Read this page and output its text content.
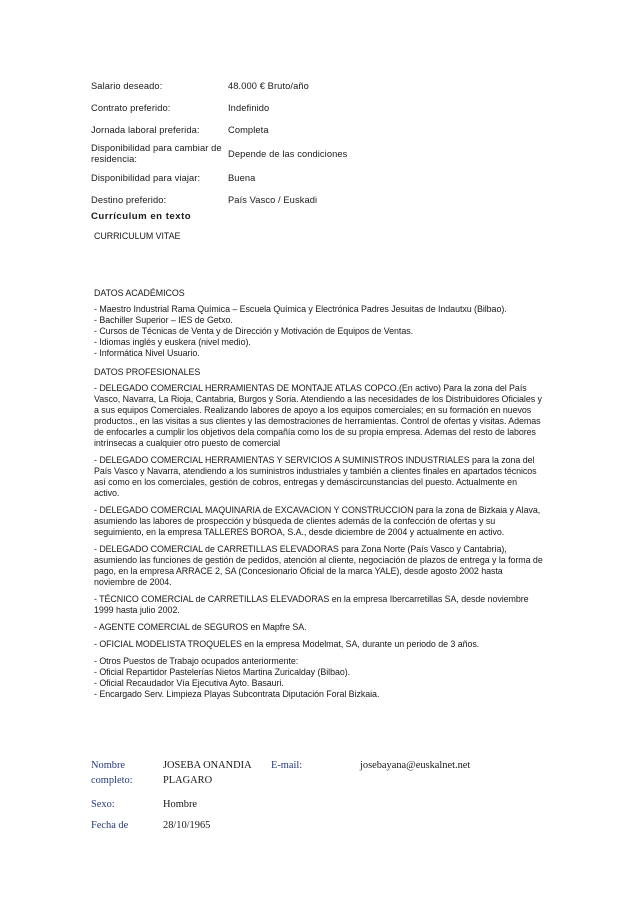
Salario deseado:	48.000 € Bruto/año
Contrato preferido:	Indefinido
Jornada laboral preferida:	Completa
Disponibilidad para cambiar de residencia:	Depende de las condiciones
Disponibilidad para viajar:	Buena
Destino preferido:	País Vasco / Euskadi
Currículum en texto

CURRICULUM VITAE

DATOS ACADÉMICOS

- Maestro Industrial Rama Química – Escuela Química y Electrónica Padres Jesuitas de Indautxu (Bilbao).

- Bachiller Superior – IES de Getxo.

- Cursos de Técnicas de Venta y de Dirección y Motivación de Equipos de Ventas.

- Idiomas inglés y euskera (nivel medio).

- Informática Nivel Usuario.

DATOS PROFESIONALES

- DELEGADO COMERCIAL HERRAMIENTAS DE MONTAJE ATLAS COPCO.(En activo) Para la zona del País Vasco, Navarra, La Rioja, Cantabria, Burgos y Soria. Atendiendo a las necesidades de los Distribuidores Oficiales y a sus equipos Comerciales. Realizando labores de apoyo a los equipos comerciales; en su formación en nuevos productos., en las visitas a sus clientes y las demostraciones de herramientas. Control de ofertas y visitas. Ademas de enfocarles a cumplir los objetivos dela compañía como los de su propia empresa. Ademas del resto de labores intrínsecas a cualquier otro puesto de comercial

- DELEGADO COMERCIAL HERRAMIENTAS Y SERVICIOS A SUMINISTROS INDUSTRIALES para la zona del País Vasco y Navarra, atendiendo a los suministros industriales y también a clientes finales en apartados técnicos así como en los comerciales, gestión de cobros, entregas y demáscircunstancias del puesto. Actualmente en activo.

- DELEGADO COMERCIAL MAQUINARIA de EXCAVACION Y CONSTRUCCION para la zona de Bizkaia y Alava, asumiendo las labores de prospección y búsqueda de clientes además de la confección de ofertas y su seguimiento, en la empresa TALLERES BOROA, S.A., desde diciembre de 2004 y actualmente en activo.

- DELEGADO COMERCIAL de CARRETILLAS ELEVADORAS para Zona Norte (País Vasco y Cantabria), asumiendo las funciones de gestión de pedidos, atención al cliente, negociación de plazos de entrega y la forma de pago, en la empresa ARRACE 2, SA (Concesionario Oficial de la marca YALE), desde agosto 2002 hasta noviembre de 2004.

- TÉCNICO COMERCIAL de CARRETILLAS ELEVADORAS en la empresa Ibercarretillas SA, desde noviembre 1999 hasta julio 2002.

- AGENTE COMERCIAL de SEGUROS en Mapfre SA.

- OFICIAL MODELISTA TROQUELES en la empresa Modelmat, SA, durante un periodo de 3 años.

- Otros Puestos de Trabajo ocupados anteriormente:

- Oficial Repartidor Pastelerías Nietos Martina Zuricalday (Bilbao).

- Oficial Recaudador Vía Ejecutiva Ayto. Basauri.

- Encargado Serv. Limpieza Playas Subcontrata Diputación Foral Bizkaia.

Nombre completo:
JOSEBA ONANDIA PLAGARO
E-mail:	josebayana@euskalnet.net
Sexo:	Hombre
Fecha de	28/10/1965
